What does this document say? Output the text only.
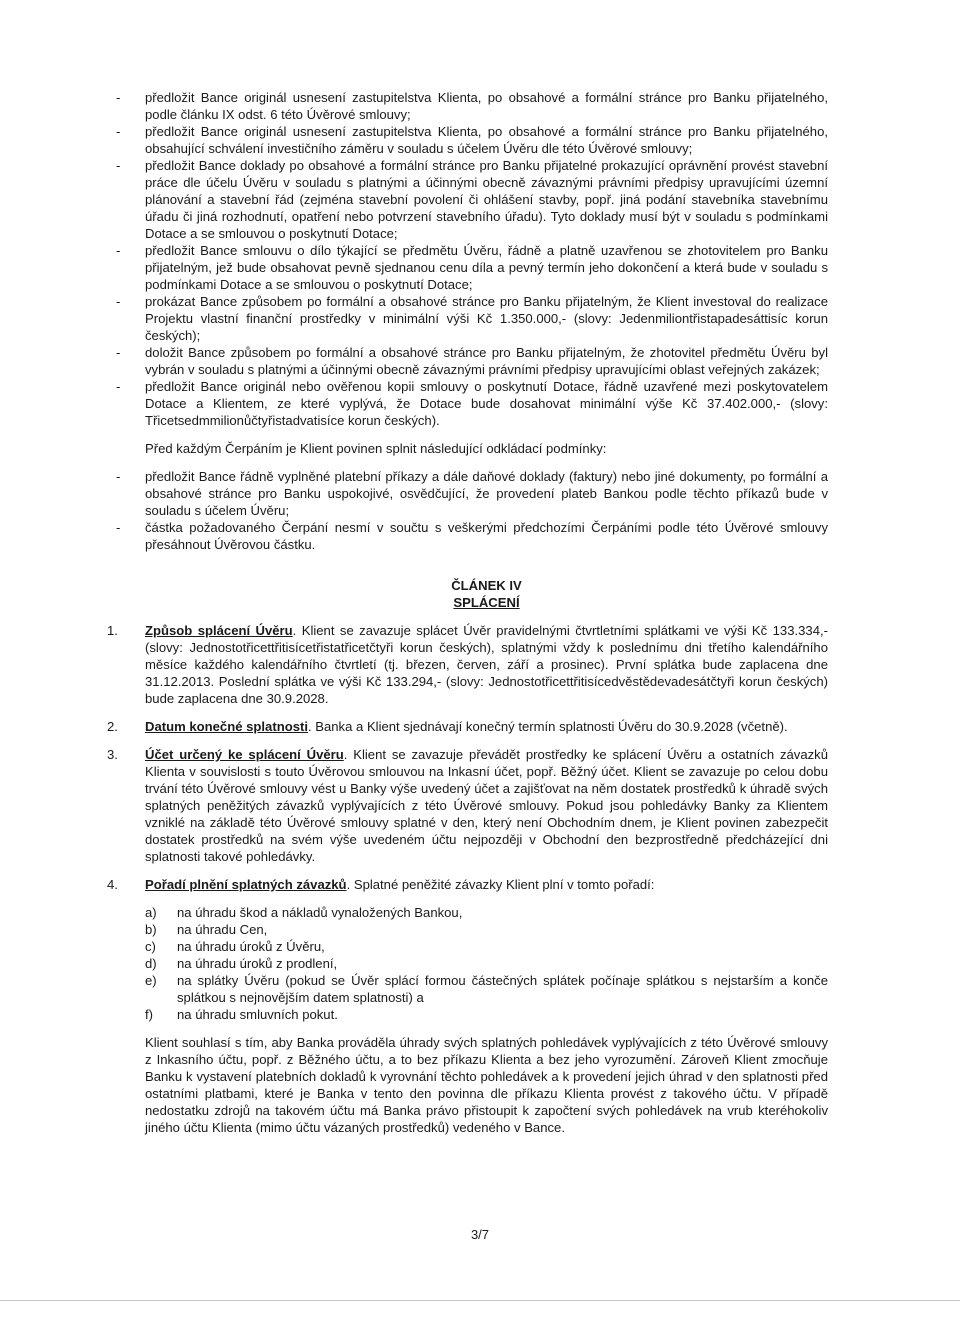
- předložit Bance originál usnesení zastupitelstva Klienta, po obsahové a formální stránce pro Banku přijatelného, podle článku IX odst. 6 této Úvěrové smlouvy;
- předložit Bance originál usnesení zastupitelstva Klienta, po obsahové a formální stránce pro Banku přijatelného, obsahující schválení investičního záměru v souladu s účelem Úvěru dle této Úvěrové smlouvy;
- předložit Bance doklady po obsahové a formální stránce pro Banku přijatelné prokazující oprávnění provést stavební práce dle účelu Úvěru v souladu s platnými a účinnými obecně závaznými právními předpisy upravujícími územní plánování a stavební řád (zejména stavební povolení či ohlášení stavby, popř. jiná podání stavebníka stavebnímu úřadu či jiná rozhodnutí, opatření nebo potvrzení stavebního úřadu). Tyto doklady musí být v souladu s podmínkami Dotace a se smlouvou o poskytnutí Dotace;
- předložit Bance smlouvu o dílo týkající se předmětu Úvěru, řádně a platně uzavřenou se zhotovitelem pro Banku přijatelným, jež bude obsahovat pevně sjednanou cenu díla a pevný termín jeho dokončení a která bude v souladu s podmínkami Dotace a se smlouvou o poskytnutí Dotace;
- prokázat Bance způsobem po formální a obsahové stránce pro Banku přijatelným, že Klient investoval do realizace Projektu vlastní finanční prostředky v minimální výši Kč 1.350.000,- (slovy: Jedenmiliontřistapadesáttisíc korun českých);
- doložit Bance způsobem po formální a obsahové stránce pro Banku přijatelným, že zhotovitel předmětu Úvěru byl vybrán v souladu s platnými a účinnými obecně závaznými právními předpisy upravujícími oblast veřejných zakázek;
- předložit Bance originál nebo ověřenou kopii smlouvy o poskytnutí Dotace, řádně uzavřené mezi poskytovatelem Dotace a Klientem, ze které vyplývá, že Dotace bude dosahovat minimální výše Kč 37.402.000,- (slovy: Třicetsedmmilionůčtyřistadvatisíce korun českých).

Před každým Čerpáním je Klient povinen splnit následující odkládací podmínky:

- předložit Bance řádně vyplněné platební příkazy a dále daňové doklady (faktury) nebo jiné dokumenty, po formální a obsahové stránce pro Banku uspokojivé, osvědčující, že provedení plateb Bankou podle těchto příkazů bude v souladu s účelem Úvěru;
- částka požadovaného Čerpání nesmí v součtu s veškerými předchozími Čerpáními podle této Úvěrové smlouvy přesáhnout Úvěrovou částku.

ČLÁNEK IV

SPLÁCENÍ

1. Způsob splácení Úvěru. Klient se zavazuje splácet Úvěr pravidelnými čtvrtletními splátkami ve výši Kč 133.334,- (slovy: Jednostotřicettřitisícetřistatřicetčtyři korun českých), splatnými vždy k poslednímu dni třetího kalendářního měsíce každého kalendářního čtvrtletí (tj. březen, červen, září a prosinec). První splátka bude zaplacena dne 31.12.2013. Poslední splátka ve výši Kč 133.294,- (slovy: Jednostotřicettřitisícedvěstědevadesátčtyři korun českých) bude zaplacena dne 30.9.2028.
2. Datum konečné splatnosti. Banka a Klient sjednávají konečný termín splatnosti Úvěru do 30.9.2028 (včetně).
3. Účet určený ke splácení Úvěru. Klient se zavazuje převádět prostředky ke splácení Úvěru a ostatních závazků Klienta v souvislosti s touto Úvěrovou smlouvou na Inkasní účet, popř. Běžný účet. Klient se zavazuje po celou dobu trvání této Úvěrové smlouvy vést u Banky výše uvedený účet a zajišťovat na něm dostatek prostředků k úhradě svých splatných peněžitých závazků vyplývajících z této Úvěrové smlouvy. Pokud jsou pohledávky Banky za Klientem vzniklé na základě této Úvěrové smlouvy splatné v den, který není Obchodním dnem, je Klient povinen zabezpečit dostatek prostředků na svém výše uvedeném účtu nejpozději v Obchodní den bezprostředně předcházející dni splatnosti takové pohledávky.
4. Pořadí plnění splatných závazků. Splatné peněžité závazky Klient plní v tomto pořadí:
a) na úhradu škod a nákladů vynaložených Bankou,
b) na úhradu Cen,
c) na úhradu úroků z Úvěru,
d) na úhradu úroků z prodlení,
e) na splátky Úvěru (pokud se Úvěr splácí formou částečných splátek počínaje splátkou s nejstarším a konče splátkou s nejnovějším datem splatnosti) a
f) na úhradu smluvních pokut.

Klient souhlasí s tím, aby Banka prováděla úhrady svých splatných pohledávek vyplývajících z této Úvěrové smlouvy z Inkasního účtu, popř. z Běžného účtu, a to bez příkazu Klienta a bez jeho vyrozumění. Zároveň Klient zmocňuje Banku k vystavení platebních dokladů k vyrovnání těchto pohledávek a k provedení jejich úhrad v den splatnosti před ostatními platbami, které je Banka v tento den povinna dle příkazu Klienta provést z takového účtu. V případě nedostatku zdrojů na takovém účtu má Banka právo přistoupit k započtení svých pohledávek na vrub kteréhokoliv jiného účtu Klienta (mimo účtu vázaných prostředků) vedeného v Bance.

3/7
